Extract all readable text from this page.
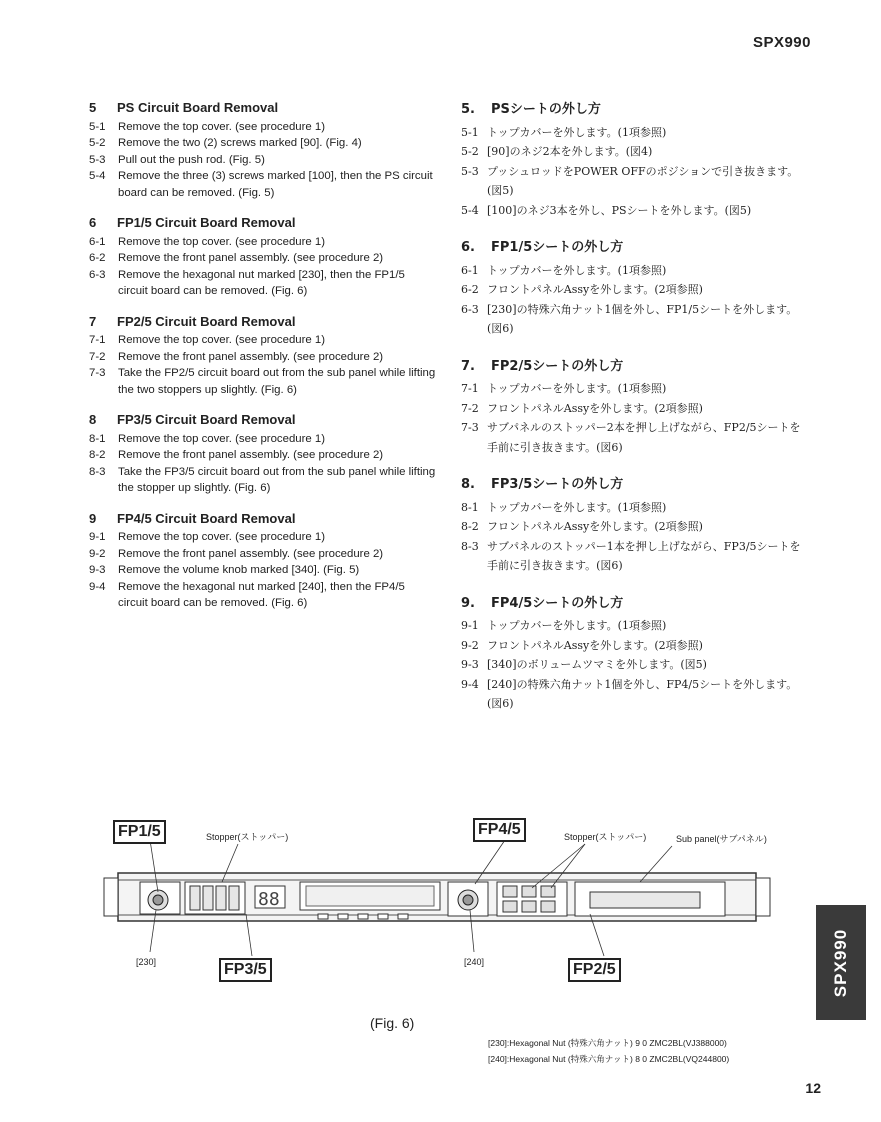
SPX990
5	PS Circuit Board Removal
5-1	Remove the top cover. (see procedure 1)
5-2	Remove the two (2) screws marked [90]. (Fig. 4)
5-3	Pull out the push rod. (Fig. 5)
5-4	Remove the three (3) screws marked [100], then the PS circuit board can be removed. (Fig. 5)
6	FP1/5 Circuit Board Removal
6-1	Remove the top cover. (see procedure 1)
6-2	Remove the front panel assembly. (see procedure 2)
6-3	Remove the hexagonal nut marked [230], then the FP1/5 circuit board can be removed. (Fig. 6)
7	FP2/5 Circuit Board Removal
7-1	Remove the top cover. (see procedure 1)
7-2	Remove the front panel assembly. (see procedure 2)
7-3	Take the FP2/5 circuit board out from the sub panel while lifting the two stoppers up slightly. (Fig. 6)
8	FP3/5 Circuit Board Removal
8-1	Remove the top cover. (see procedure 1)
8-2	Remove the front panel assembly. (see procedure 2)
8-3	Take the FP3/5 circuit board out from the sub panel while lifting the stopper up slightly. (Fig. 6)
9	FP4/5 Circuit Board Removal
9-1	Remove the top cover. (see procedure 1)
9-2	Remove the front panel assembly. (see procedure 2)
9-3	Remove the volume knob marked [340]. (Fig. 5)
9-4	Remove the hexagonal nut marked [240], then the FP4/5 circuit board can be removed. (Fig. 6)
5.	PSシートの外し方
5-1 トップカバーを外します。(1項参照)
5-2 [90]のネジ2本を外します。(図4)
5-3 プッシュロッドをPOWER OFFのポジションで引き抜きます。(図5)
5-4 [100]のネジ3本を外し、PSシートを外します。(図5)
6.	FP1/5シートの外し方
6-1 トップカバーを外します。(1項参照)
6-2 フロントパネルAssyを外します。(2項参照)
6-3 [230]の特殊六角ナット1個を外し、FP1/5シートを外します。(図6)
7.	FP2/5シートの外し方
7-1 トップカバーを外します。(1項参照)
7-2 フロントパネルAssyを外します。(2項参照)
7-3 サブパネルのストッパー2本を押し上げながら、FP2/5シートを手前に引き抜きます。(図6)
8.	FP3/5シートの外し方
8-1 トップカバーを外します。(1項参照)
8-2 フロントパネルAssyを外します。(2項参照)
8-3 サブパネルのストッパー1本を押し上げながら、FP3/5シートを手前に引き抜きます。(図6)
9.	FP4/5シートの外し方
9-1 トップカバーを外します。(1項参照)
9-2 フロントパネルAssyを外します。(2項参照)
9-3 [340]のボリュームツマミを外します。(図5)
9-4 [240]の特殊六角ナット1個を外し、FP4/5シートを外します。(図6)
88
FP1/5
FP3/5
FP4/5
FP2/5
Stopper(ストッパー)	Stopper(ストッパー)	Sub panel(サブパネル)
[230]	[240]
(Fig. 6)
[230]:Hexagonal Nut (特殊六角ナット) 9 0 ZMC2BL(VJ388000)
[240]:Hexagonal Nut (特殊六角ナット) 8 0 ZMC2BL(VQ244800)
SPX990
12
